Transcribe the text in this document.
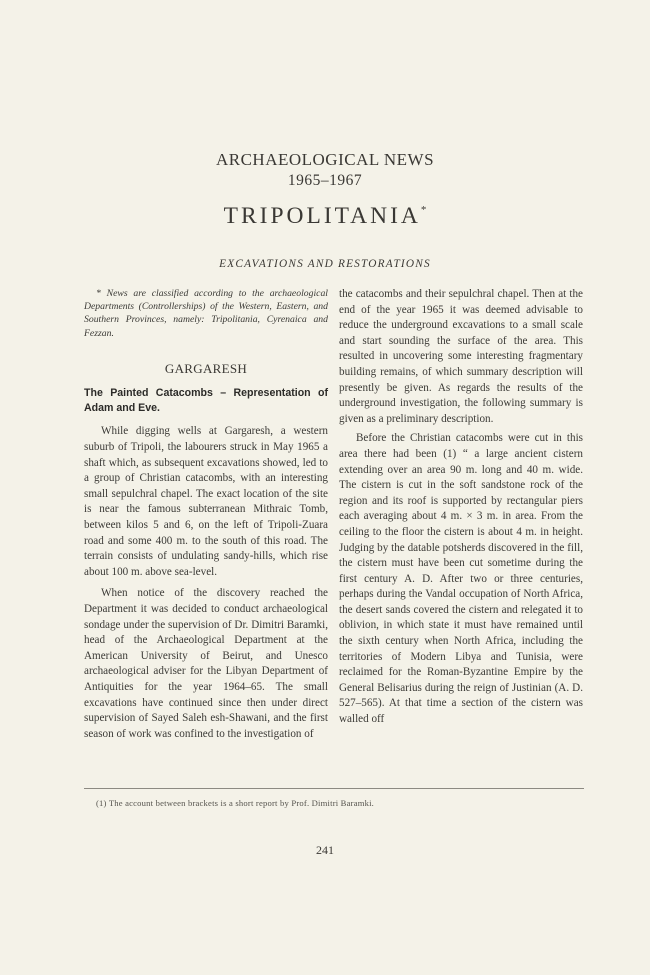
ARCHAEOLOGICAL NEWS
1965–1967
TRIPOLITANIA*
EXCAVATIONS AND RESTORATIONS

* News are classified according to the archaeological Departments (Controllerships) of the Western, Eastern, and Southern Provinces, namely: Tripolitania, Cyrenaica and Fezzan.

GARGARESH

The Painted Catacombs – Representation of Adam and Eve.

While digging wells at Gargaresh, a western suburb of Tripoli, the labourers struck in May 1965 a shaft which, as subsequent excavations showed, led to a group of Christian catacombs, with an interesting small sepulchral chapel. The exact location of the site is near the famous subterranean Mithraic Tomb, between kilos 5 and 6, on the left of Tripoli-Zuara road and some 400 m. to the south of this road. The terrain consists of undulating sandy-hills, which rise about 100 m. above sea-level.

When notice of the discovery reached the Department it was decided to conduct archaeological sondage under the supervision of Dr. Dimitri Baramki, head of the Archaeological Department at the American University of Beirut, and Unesco archaeological adviser for the Libyan Department of Antiquities for the year 1964–65. The small excavations have continued since then under direct supervision of Sayed Saleh esh-Shawani, and the first season of work was confined to the investigation of

the catacombs and their sepulchral chapel. Then at the end of the year 1965 it was deemed advisable to reduce the underground excavations to a small scale and start sounding the surface of the area. This resulted in uncovering some interesting fragmentary building remains, of which summary description will presently be given. As regards the results of the underground investigation, the following summary is given as a preliminary description.

Before the Christian catacombs were cut in this area there had been (1) “ a large ancient cistern extending over an area 90 m. long and 40 m. wide. The cistern is cut in the soft sandstone rock of the region and its roof is supported by rectangular piers each averaging about 4 m. × 3 m. in area. From the ceiling to the floor the cistern is about 4 m. in height. Judging by the datable potsherds discovered in the fill, the cistern must have been cut sometime during the first century A. D. After two or three centuries, perhaps during the Vandal occupation of North Africa, the desert sands covered the cistern and relegated it to oblivion, in which state it must have remained until the sixth century when North Africa, including the territories of Modern Libya and Tunisia, were reclaimed for the Roman-Byzantine Empire by the General Belisarius during the reign of Justinian (A. D. 527–565). At that time a section of the cistern was walled off

(1) The account between brackets is a short report by Prof. Dimitri Baramki.
241
